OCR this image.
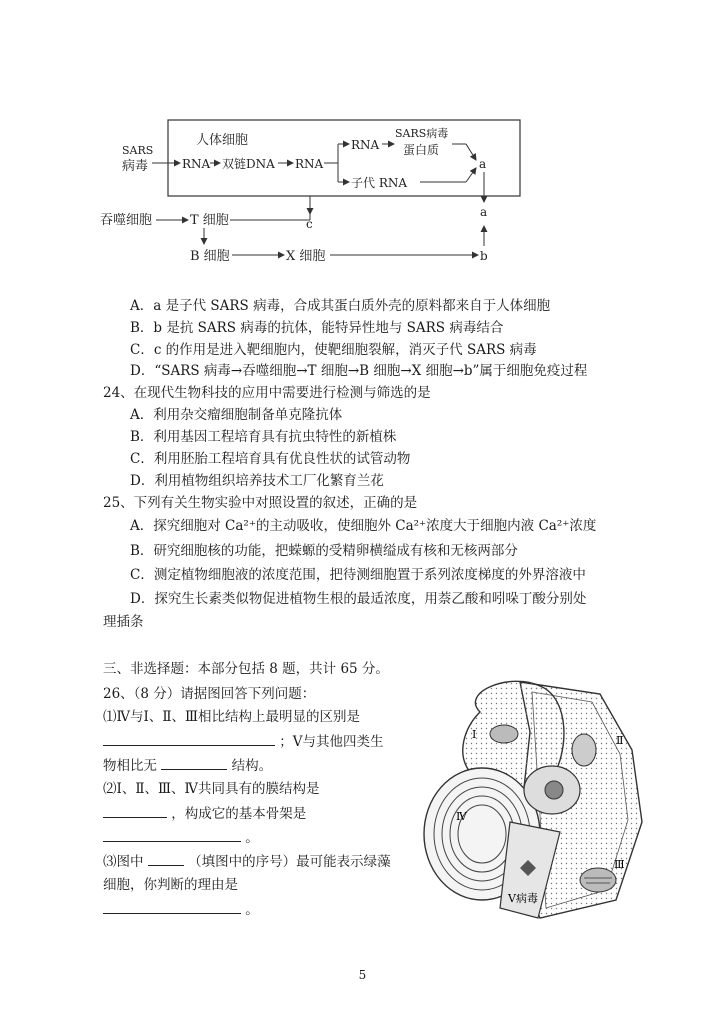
人体细胞
SARS
病毒	RNA 双链DNA RNA
RNA
SARS病毒
蛋白质
子代 RNA
a
a
吞噬细胞	T 细胞	c
B 细胞	X 细胞	b
A．a 是子代 SARS 病毒，合成其蛋白质外壳的原料都来自于人体细胞
B．b 是抗 SARS 病毒的抗体，能特异性地与 SARS 病毒结合
C．c 的作用是进入靶细胞内，使靶细胞裂解，消灭子代 SARS 病毒
D．“SARS 病毒→吞噬细胞→T 细胞→B 细胞→X 细胞→b”属于细胞免疫过程
24、在现代生物科技的应用中需要进行检测与筛选的是
A．利用杂交瘤细胞制备单克隆抗体
B．利用基因工程培育具有抗虫特性的新植株
C．利用胚胎工程培育具有优良性状的试管动物
D．利用植物组织培养技术工厂化繁育兰花
25、下列有关生物实验中对照设置的叙述，正确的是
A．探究细胞对 Ca²⁺的主动吸收，使细胞外 Ca²⁺浓度大于细胞内液 Ca²⁺浓度
B．研究细胞核的功能，把蝾螈的受精卵横缢成有核和无核两部分
C．测定植物细胞液的浓度范围，把待测细胞置于系列浓度梯度的外界溶液中
D．探究生长素类似物促进植物生根的最适浓度，用萘乙酸和吲哚丁酸分别处
理插条
三、非选择题：本部分包括 8 题，共计 65 分。
26、（8 分）请据图回答下列问题：
⑴Ⅳ与Ⅰ、Ⅱ、Ⅲ相比结构上最明显的区别是
；Ⅴ与其他四类生
物相比无	结构。
⑵Ⅰ、Ⅱ、Ⅲ、Ⅳ共同具有的膜结构是
，构成它的基本骨架是
。
⑶图中	（填图中的序号）最可能表示绿藻
细胞，你判断的理由是
。
Ⅰ	Ⅱ
Ⅲ
Ⅳ
Ⅴ病毒
5
